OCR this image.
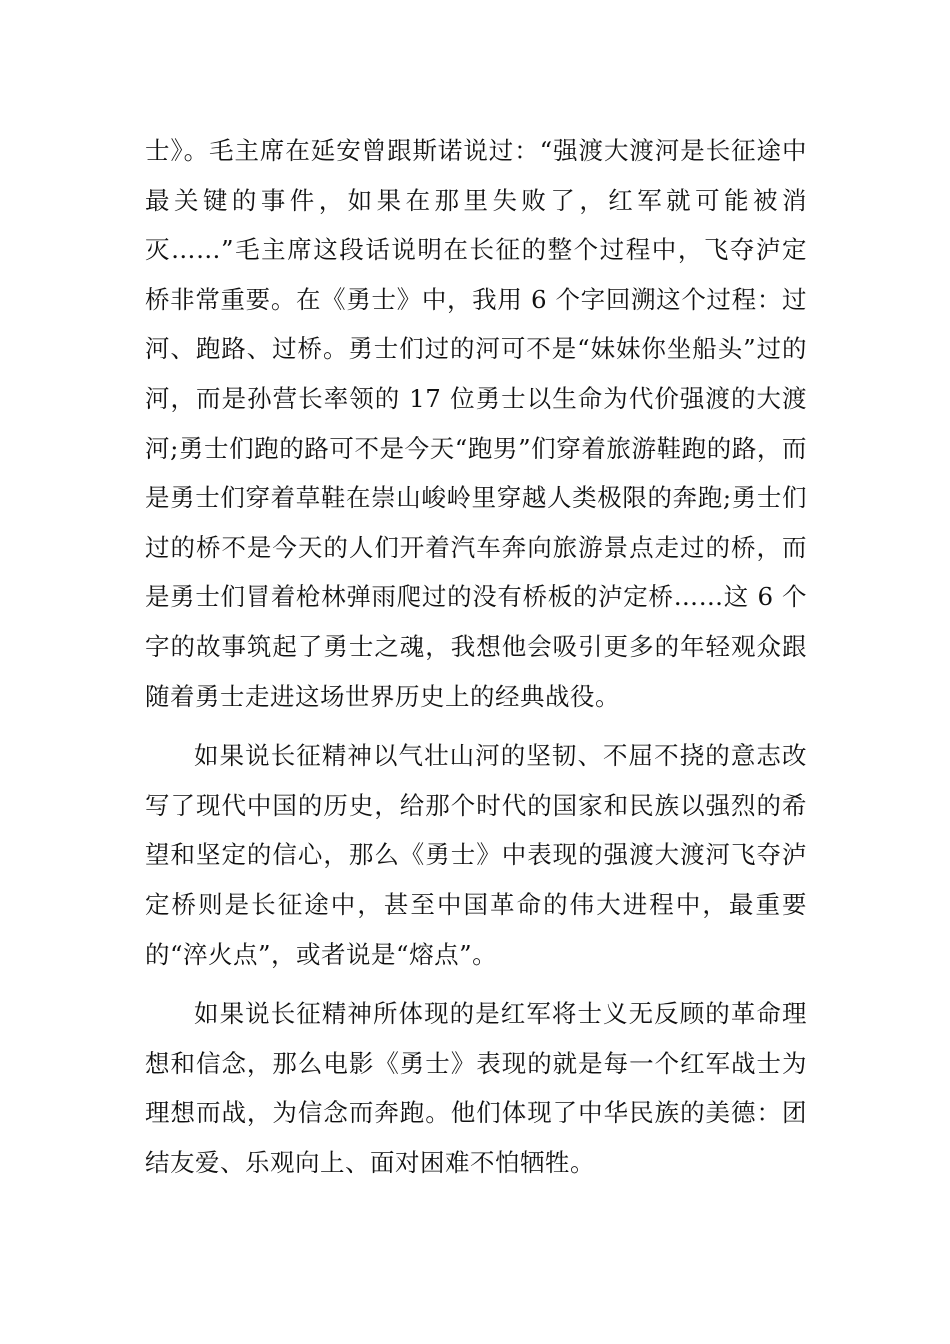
士》。毛主席在延安曾跟斯诺说过：“强渡大渡河是长征途中最关键的事件，如果在那里失败了，红军就可能被消灭……”毛主席这段话说明在长征的整个过程中，飞夺泸定桥非常重要。在《勇士》中，我用 6 个字回溯这个过程：过河、跑路、过桥。勇士们过的河可不是“妹妹你坐船头”过的河，而是孙营长率领的 17 位勇士以生命为代价强渡的大渡河;勇士们跑的路可不是今天“跑男”们穿着旅游鞋跑的路，而是勇士们穿着草鞋在崇山峻岭里穿越人类极限的奔跑;勇士们过的桥不是今天的人们开着汽车奔向旅游景点走过的桥，而是勇士们冒着枪林弹雨爬过的没有桥板的泸定桥……这 6 个字的故事筑起了勇士之魂，我想他会吸引更多的年轻观众跟随着勇士走进这场世界历史上的经典战役。

如果说长征精神以气壮山河的坚韧、不屈不挠的意志改写了现代中国的历史，给那个时代的国家和民族以强烈的希望和坚定的信心，那么《勇士》中表现的强渡大渡河飞夺泸定桥则是长征途中，甚至中国革命的伟大进程中，最重要的“淬火点”，或者说是“熔点”。

如果说长征精神所体现的是红军将士义无反顾的革命理想和信念，那么电影《勇士》表现的就是每一个红军战士为理想而战，为信念而奔跑。他们体现了中华民族的美德：团结友爱、乐观向上、面对困难不怕牺牲。
